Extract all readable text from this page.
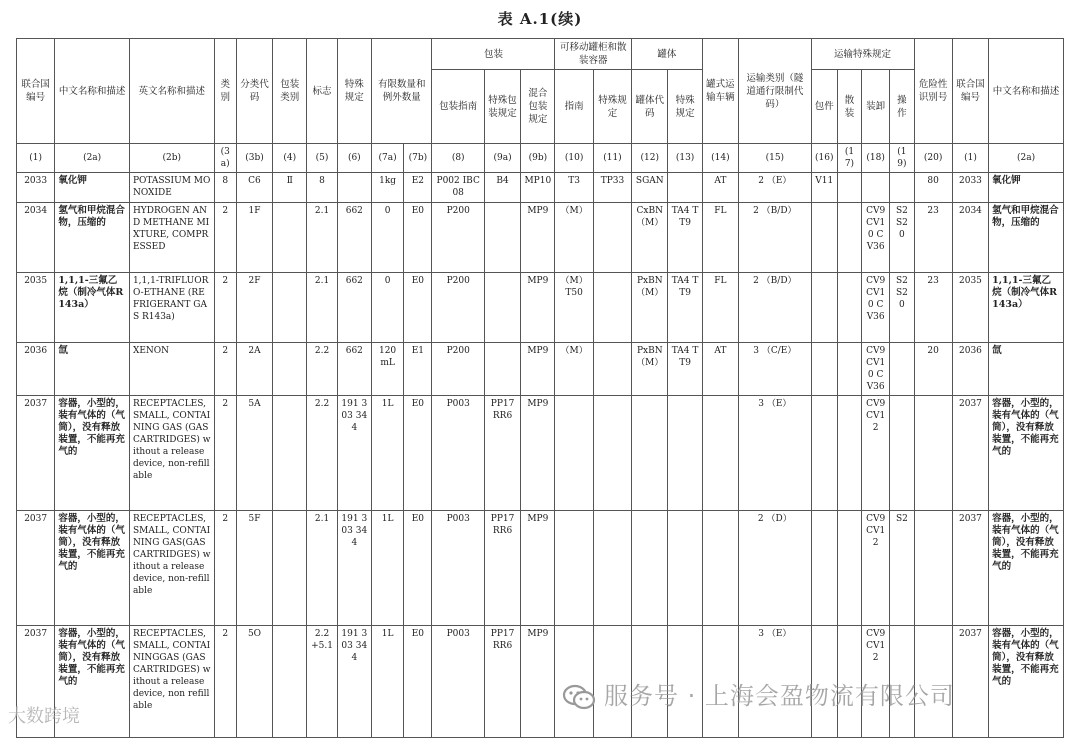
表 A.1(续)
联合国编号	中文名称和描述	英文名称和描述	类别	分类代码	包装类别	标志	特殊规定	有限数量和例外数量		包装			可移动罐柜和散装容器		罐体		罐式运输车辆	运输类别（隧道通行限制代码）	运输特殊规定				危险性识别号	联合国编号	中文名称和描述
										包装指南	特殊包装规定	混合包装规定	指南	特殊规定	罐体代码	特殊规定			包件	散装	装卸	操作			
(1)	(2a)	(2b)	(3a)	(3b)	(4)	(5)	(6)	(7a)	(7b)	(8)	(9a)	(9b)	(10)	(11)	(12)	(13)	(14)	(15)	(16)	(17)	(18)	(19)	(20)	(1)	(2a)
2033	氧化钾	POTASSIUM MONOXIDE	8	C6	Ⅱ	8		1kg	E2	P002 IBC08	B4	MP10	T3	TP33	SGAN		AT	2 （E）	V11				80	2033	氧化钾
2034	氢气和甲烷混合物，压缩的	HYDROGEN AND METHANE MIXTURE, COMPRESSED	2	1F		2.1	662	0	E0	P200		MP9	（M）		CxBN （M）	TA4 TT9	FL	2 （B/D）			CV9 CV10 CV36	S2 S20	23	2034	氢气和甲烷混合物，压缩的
2035	1,1,1-三氟乙烷（制冷气体R143a）	1,1,1-TRIFLUORO-ETHANE (REFRIGERANT GAS R143a)	2	2F		2.1	662	0	E0	P200		MP9	（M） T50		PxBN （M）	TA4 TT9	FL	2 （B/D）			CV9 CV10 CV36	S2 S20	23	2035	1,1,1-三氟乙烷（制冷气体R143a）
2036	氙	XENON	2	2A		2.2	662	120mL	E1	P200		MP9	（M）		PxBN （M）	TA4 TT9	AT	3 （C/E）			CV9 CV10 CV36		20	2036	氙
2037	容器，小型的，装有气体的（气筒），没有释放装置，不能再充气的	RECEPTACLES, SMALL, CONTAINING GAS (GAS CARTRIDGES) without a release device, non-refillable	2	5A		2.2	191 303 344	1L	E0	P003	PP17 RR6	MP9						3 （E）			CV9 CV12			2037	容器，小型的，装有气体的（气筒），没有释放装置，不能再充气的
2037	容器，小型的，装有气体的（气筒），没有释放装置，不能再充气的	RECEPTACLES, SMALL, CONTAINING GAS(GAS CARTRIDGES) without a release device, non-refillable	2	5F		2.1	191 303 344	1L	E0	P003	PP17 RR6	MP9						2 （D）			CV9 CV12	S2		2037	容器，小型的，装有气体的（气筒），没有释放装置，不能再充气的
2037	容器，小型的，装有气体的（气筒），没有释放装置，不能再充气的	RECEPTACLES, SMALL, CONTAININGGAS (GAS CARTRIDGES) without a release device, non refillable	2	5O		2.2 +5.1	191 303 344	1L	E0	P003	PP17 RR6	MP9						3 （E）			CV9 CV12			2037	容器，小型的，装有气体的（气筒），没有释放装置，不能再充气的
服务号 · 上海会盈物流有限公司
大数跨境
